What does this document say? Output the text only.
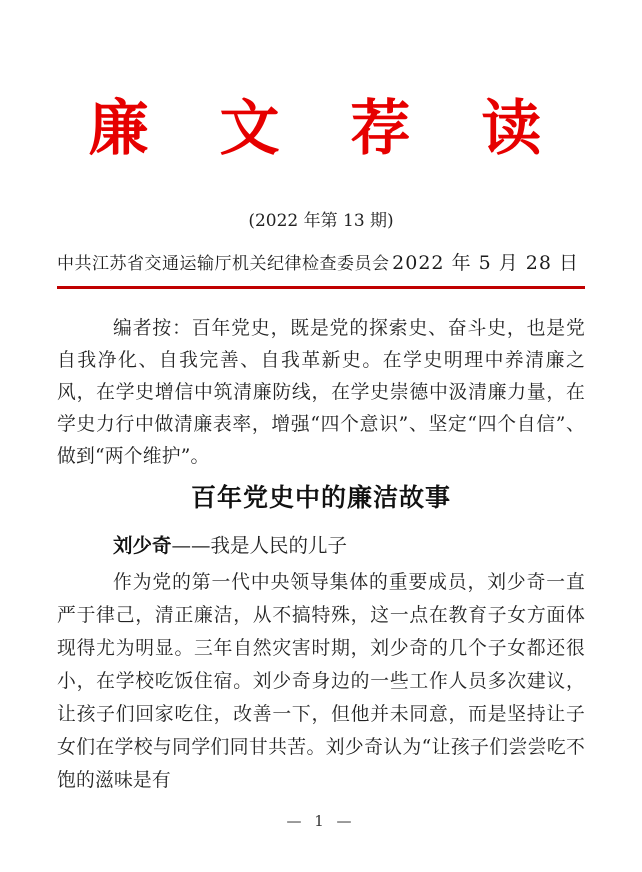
廉 文 荐 读
(2022 年第 13 期)
中共江苏省交通运输厅机关纪律检查委员会 2022 年 5 月 28 日

编者按：百年党史，既是党的探索史、奋斗史，也是党自我净化、自我完善、自我革新史。在学史明理中养清廉之风，在学史增信中筑清廉防线，在学史崇德中汲清廉力量，在学史力行中做清廉表率，增强“四个意识”、坚定“四个自信”、做到“两个维护”。

百年党史中的廉洁故事

刘少奇——我是人民的儿子

作为党的第一代中央领导集体的重要成员，刘少奇一直严于律己，清正廉洁，从不搞特殊，这一点在教育子女方面体现得尤为明显。三年自然灾害时期，刘少奇的几个子女都还很小，在学校吃饭住宿。刘少奇身边的一些工作人员多次建议，让孩子们回家吃住，改善一下，但他并未同意，而是坚持让子女们在学校与同学们同甘共苦。刘少奇认为“让孩子们尝尝吃不饱的滋味是有

— 1 —
